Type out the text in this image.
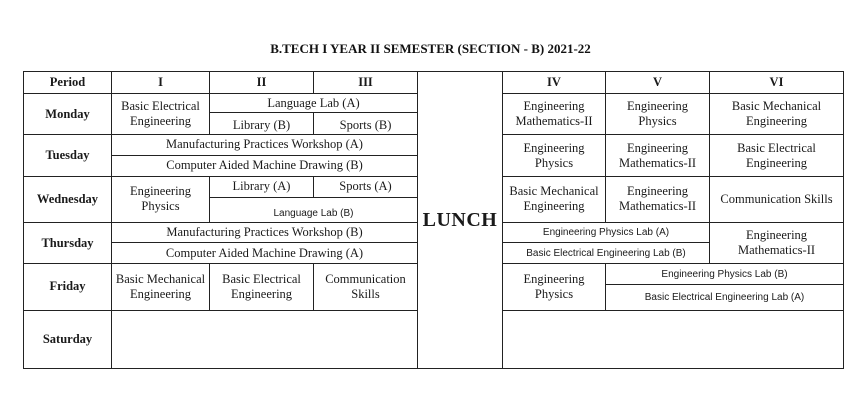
B.TECH I YEAR II SEMESTER (SECTION - B) 2021-22
Period	I	II	III	LUNCH	IV	V	VI
Monday	Basic Electrical Engineering	Language Lab (A)			Engineering Mathematics-II	Engineering Physics	Basic Mechanical Engineering
		Library (B)	Sports (B)				
Tuesday	Manufacturing Practices Workshop (A)				Engineering Physics	Engineering Mathematics-II	Basic Electrical Engineering
	Computer Aided Machine Drawing (B)						
Wednesday	Engineering Physics	Library (A)	Sports (A)		Basic Mechanical Engineering	Engineering Mathematics-II	Communication Skills
		Language Lab (B)					
Thursday	Manufacturing Practices Workshop (B)				Engineering Physics Lab (A)		Engineering Mathematics-II
	Computer Aided Machine Drawing (A)				Basic Electrical Engineering Lab (B)		
Friday	Basic Mechanical Engineering	Basic Electrical Engineering	Communication Skills		Engineering Physics	Engineering Physics Lab (B)	
						Basic Electrical Engineering Lab (A)	
Saturday							
